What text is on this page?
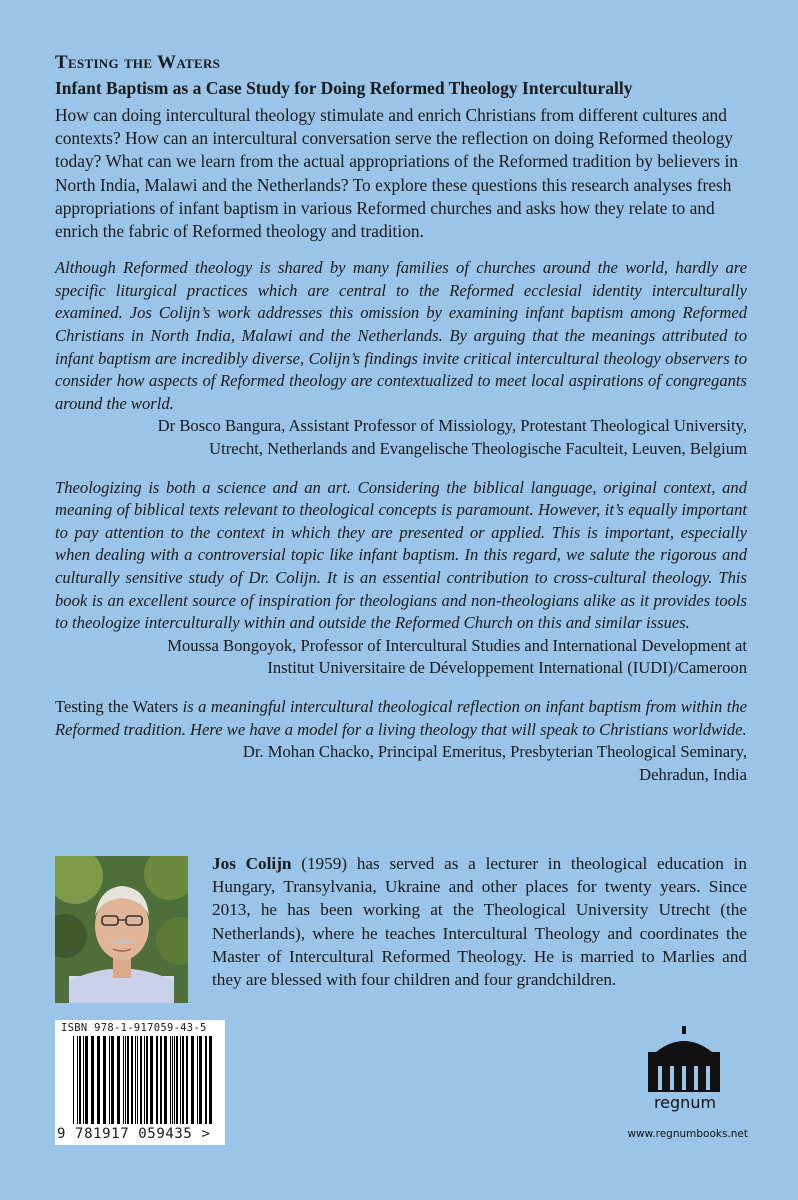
Testing the Waters

Infant Baptism as a Case Study for Doing Reformed Theology Interculturally

How can doing intercultural theology stimulate and enrich Christians from different cultures and contexts? How can an intercultural conversation serve the reflection on doing Reformed theology today? What can we learn from the actual appropriations of the Reformed tradition by believers in North India, Malawi and the Netherlands? To explore these questions this research analyses fresh appropriations of infant baptism in various Reformed churches and asks how they relate to and enrich the fabric of Reformed theology and tradition.

Although Reformed theology is shared by many families of churches around the world, hardly are specific liturgical practices which are central to the Reformed ecclesial identity interculturally examined. Jos Colijn’s work addresses this omission by examining infant baptism among Reformed Christians in North India, Malawi and the Netherlands. By arguing that the meanings attributed to infant baptism are incredibly diverse, Colijn’s findings invite critical intercultural theology observers to consider how aspects of Reformed theology are contextualized to meet local aspirations of congregants around the world.

Dr Bosco Bangura, Assistant Professor of Missiology, Protestant Theological University,
Utrecht, Netherlands and Evangelische Theologische Faculteit, Leuven, Belgium

Theologizing is both a science and an art. Considering the biblical language, original context, and meaning of biblical texts relevant to theological concepts is paramount. However, it’s equally important to pay attention to the context in which they are presented or applied. This is important, especially when dealing with a controversial topic like infant baptism. In this regard, we salute the rigorous and culturally sensitive study of Dr. Colijn. It is an essential contribution to cross-cultural theology. This book is an excellent source of inspiration for theologians and non-theologians alike as it provides tools to theologize interculturally within and outside the Reformed Church on this and similar issues.

Moussa Bongoyok, Professor of Intercultural Studies and International Development at
Institut Universitaire de Développement International (IUDI)/Cameroon

Testing the Waters is a meaningful intercultural theological reflection on infant baptism from within the Reformed tradition. Here we have a model for a living theology that will speak to Christians worldwide.

Dr. Mohan Chacko, Principal Emeritus, Presbyterian Theological Seminary,
Dehradun, India

Jos Colijn (1959) has served as a lecturer in theological education in Hungary, Transylvania, Ukraine and other places for twenty years. Since 2013, he has been working at the Theological University Utrecht (the Netherlands), where he teaches Intercultural Theology and coordinates the Master of Intercultural Reformed Theology. He is married to Marlies and they are blessed with four children and four grandchildren.

ISBN 978-1-917059-43-5
9 781917 059435 >
regnum
www.regnumbooks.net
